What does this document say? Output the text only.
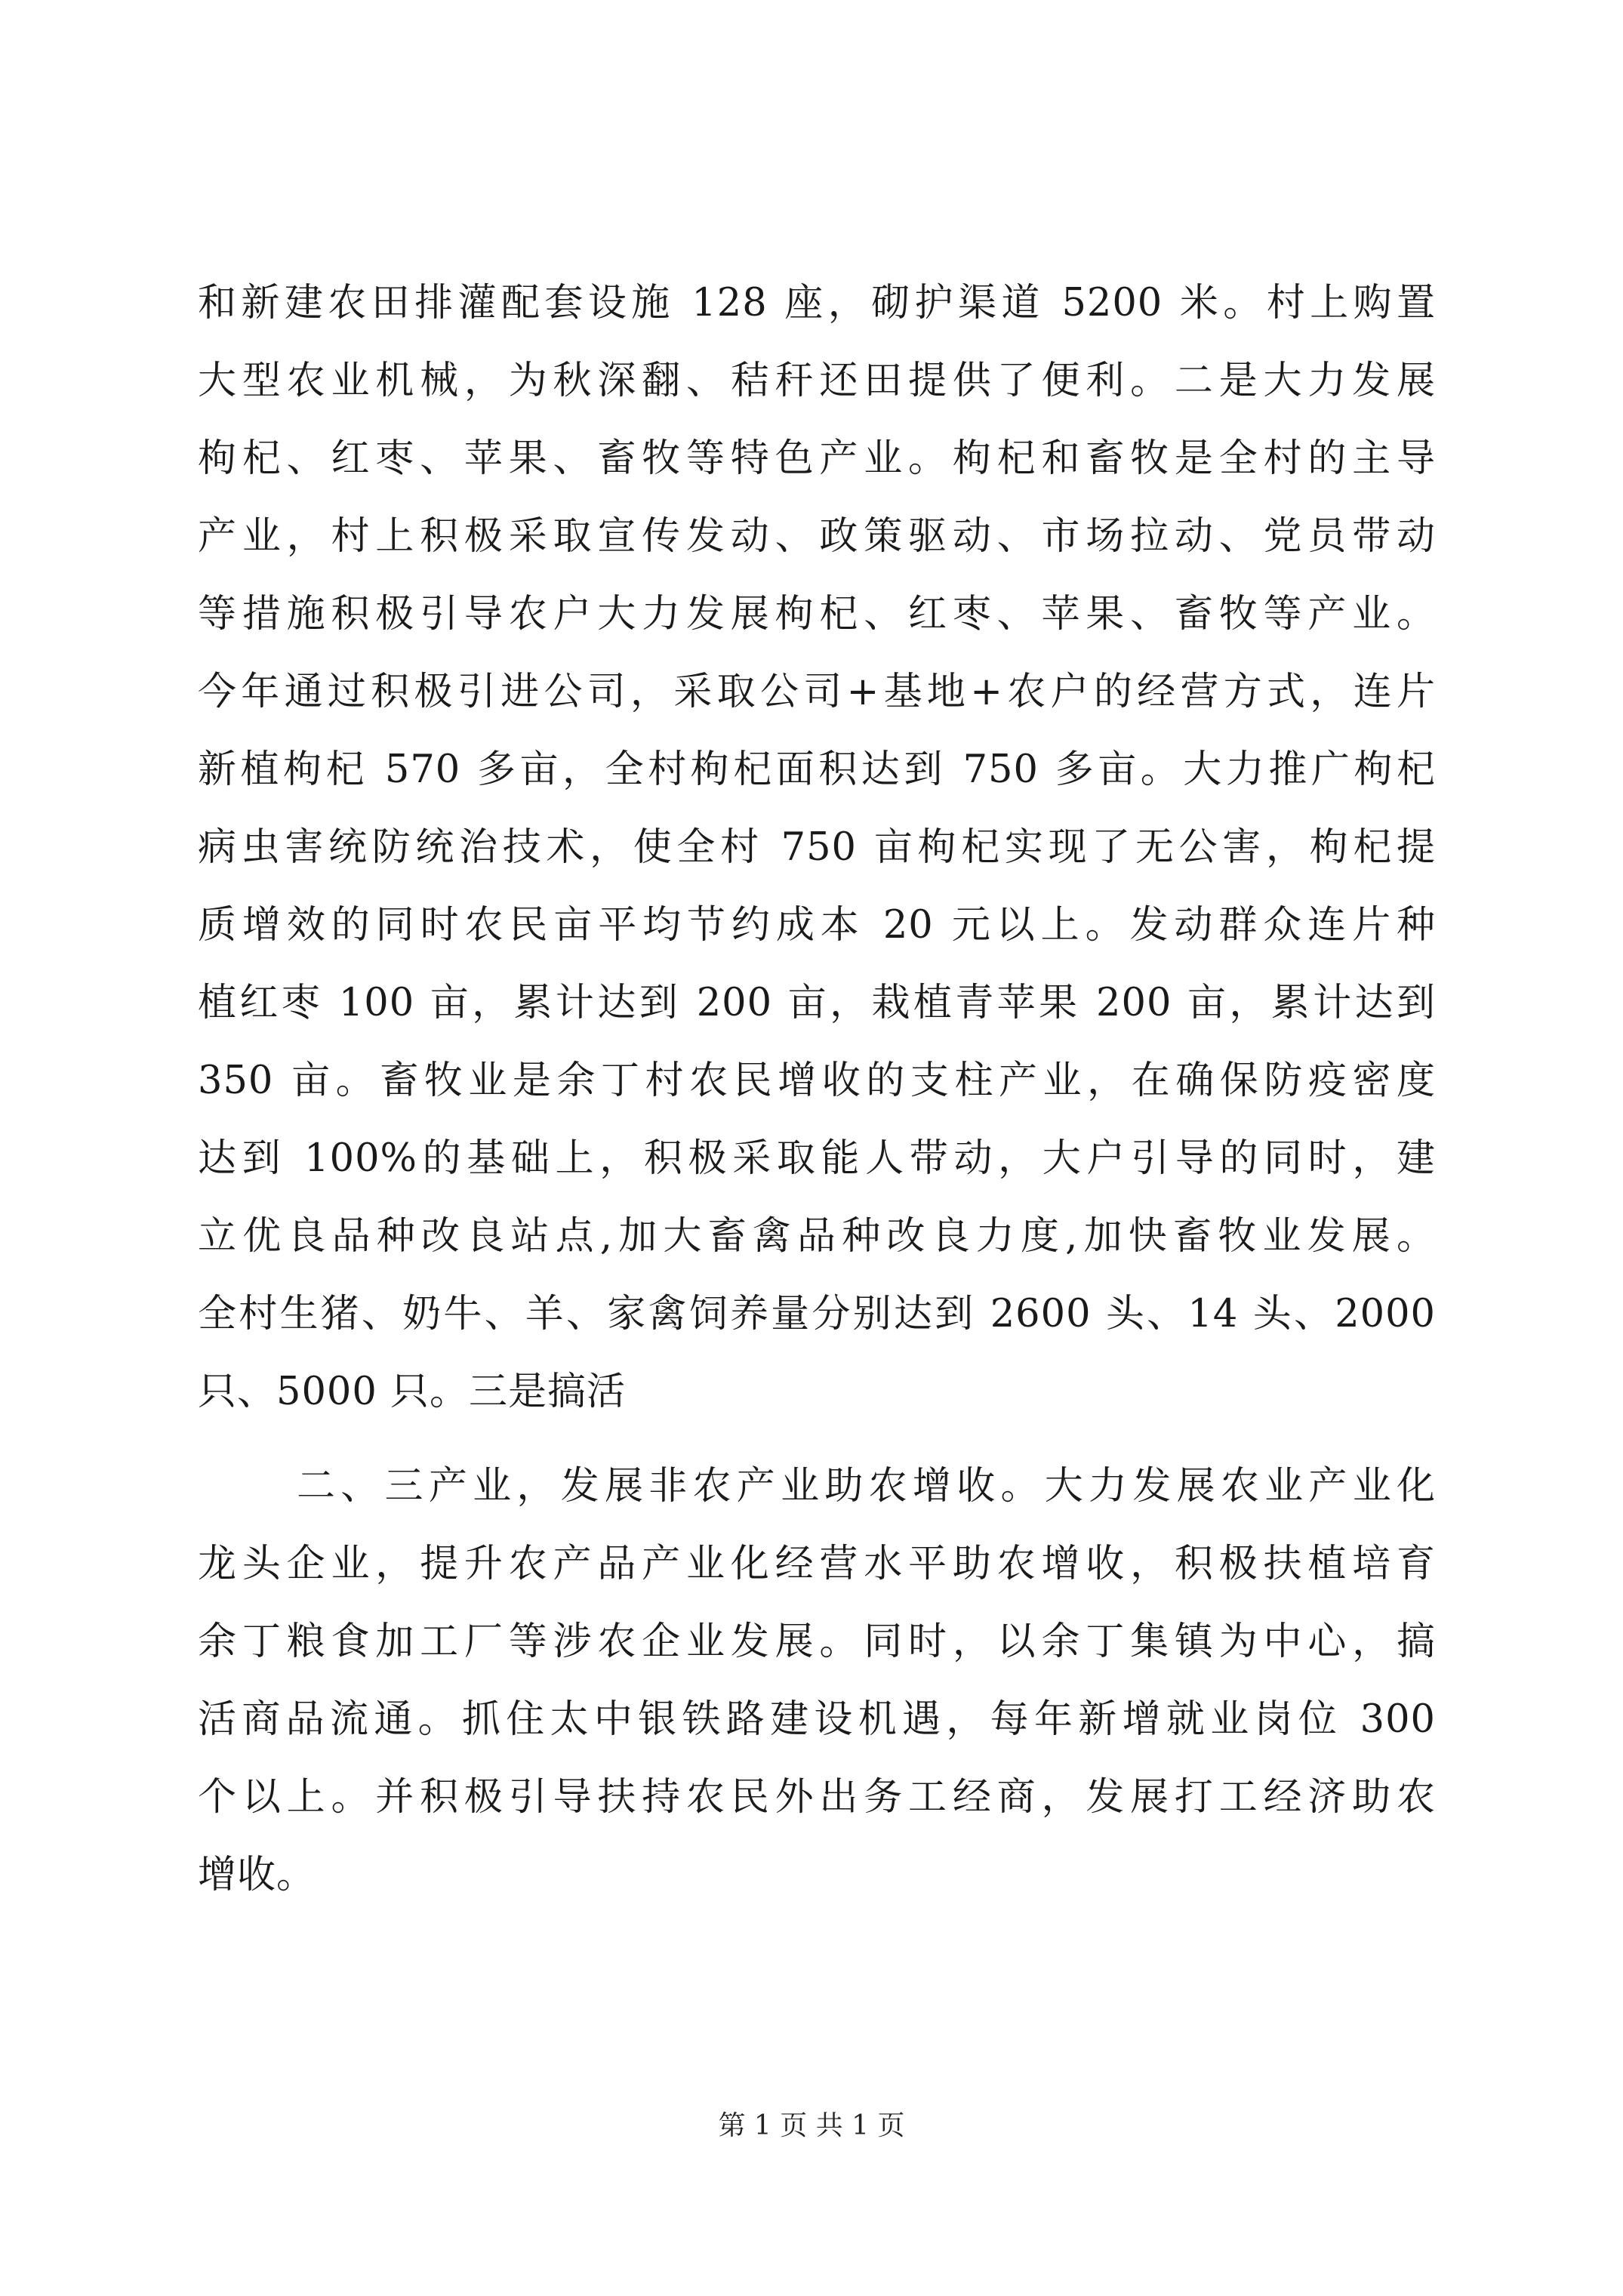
和新建农田排灌配套设施 128 座，砌护渠道 5200 米。村上购置
大型农业机械，为秋深翻、秸秆还田提供了便利。二是大力发展
枸杞、红枣、苹果、畜牧等特色产业。枸杞和畜牧是全村的主导
产业，村上积极采取宣传发动、政策驱动、市场拉动、党员带动
等措施积极引导农户大力发展枸杞、红枣、苹果、畜牧等产业。
今年通过积极引进公司，采取公司+基地+农户的经营方式，连片
新植枸杞 570 多亩，全村枸杞面积达到 750 多亩。大力推广枸杞
病虫害统防统治技术，使全村 750 亩枸杞实现了无公害，枸杞提
质增效的同时农民亩平均节约成本 20 元以上。发动群众连片种
植红枣 100 亩，累计达到 200 亩，栽植青苹果 200 亩，累计达到
350 亩。畜牧业是余丁村农民增收的支柱产业，在确保防疫密度
达到 100%的基础上，积极采取能人带动，大户引导的同时，建
立优良品种改良站点,加大畜禽品种改良力度,加快畜牧业发展。
全村生猪、奶牛、羊、家禽饲养量分别达到 2600 头、14 头、2000
只、5000 只。三是搞活
二、三产业，发展非农产业助农增收。大力发展农业产业化
龙头企业，提升农产品产业化经营水平助农增收，积极扶植培育
余丁粮食加工厂等涉农企业发展。同时，以余丁集镇为中心，搞
活商品流通。抓住太中银铁路建设机遇，每年新增就业岗位 300
个以上。并积极引导扶持农民外出务工经商，发展打工经济助农
增收。
第 1 页 共 1 页
